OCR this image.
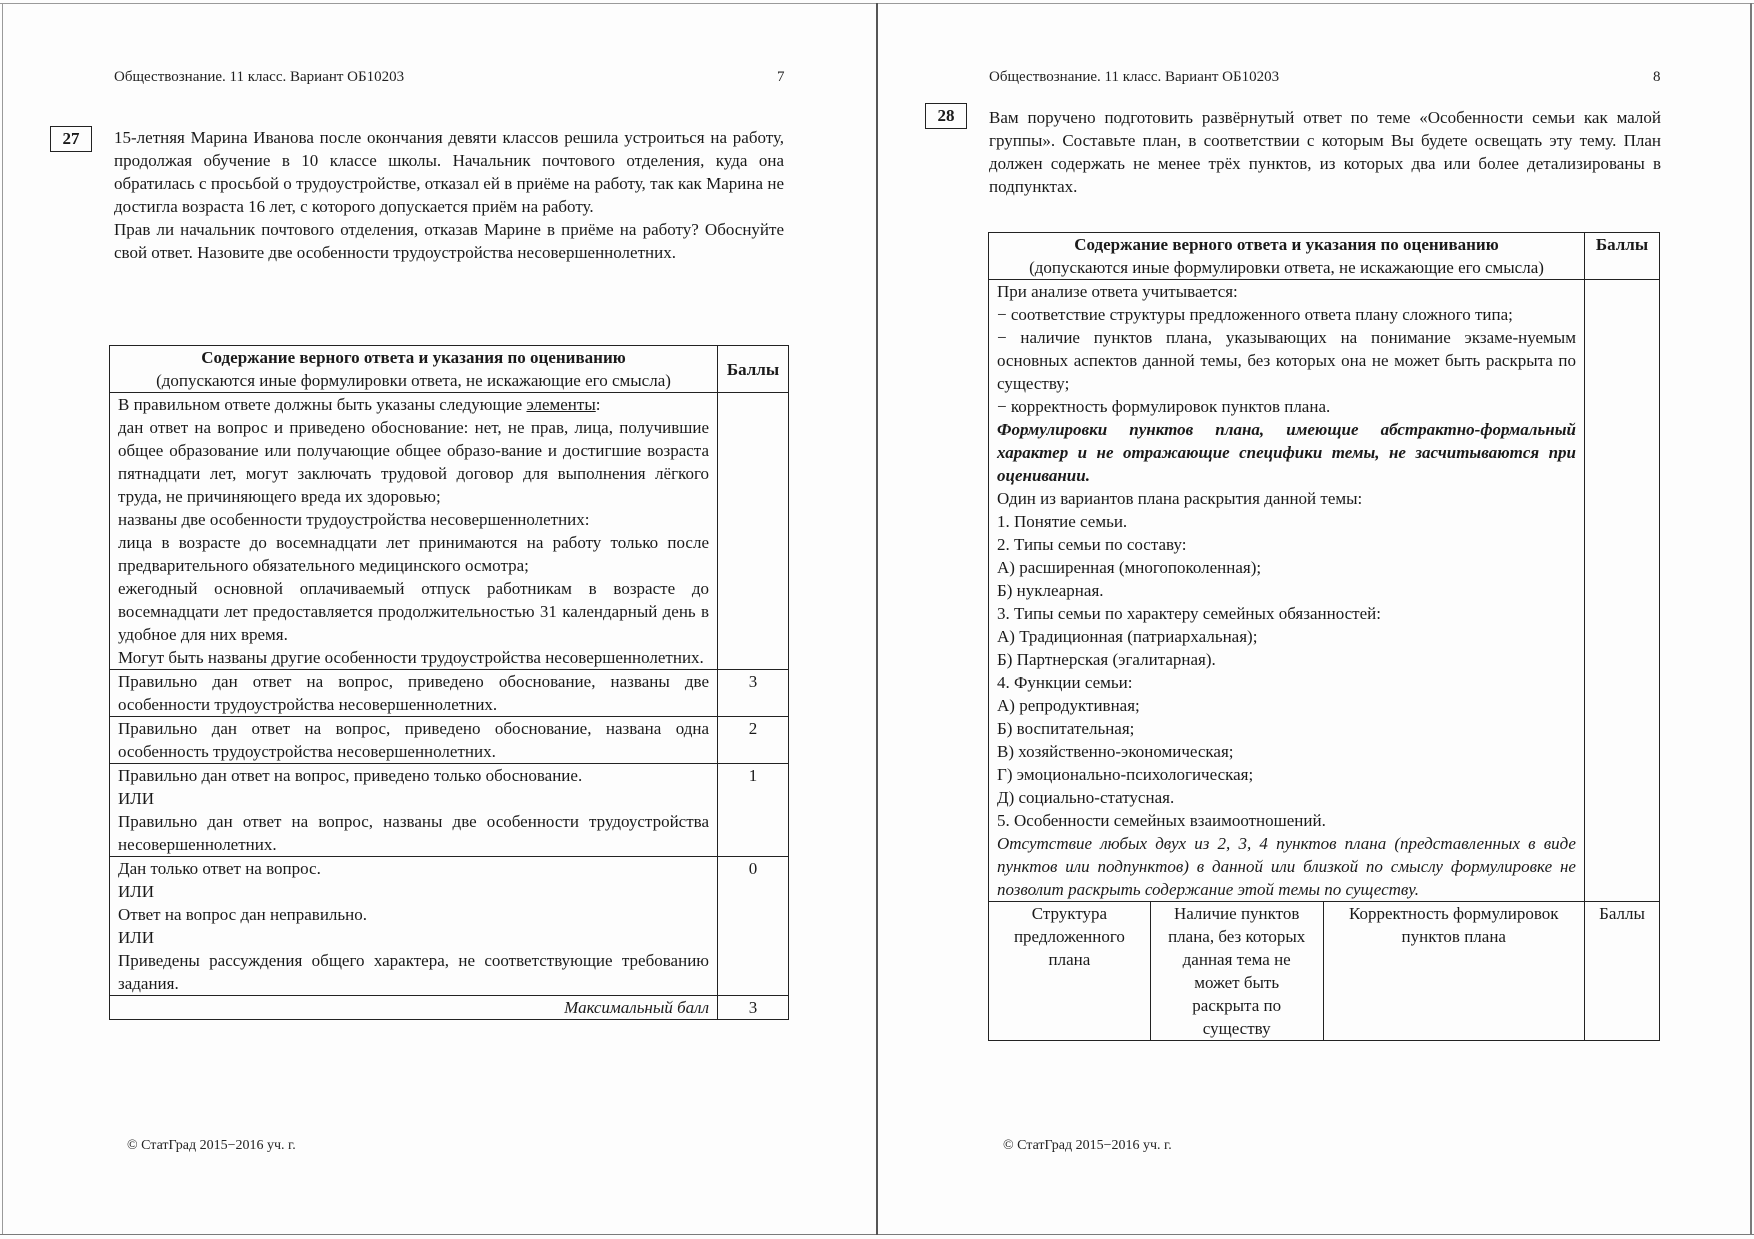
Обществознание. 11 класс. Вариант ОБ10203	7
27	15-летняя Марина Иванова после окончания девяти классов решила устроиться на работу, продолжая обучение в 10 классе школы. Начальник почтового отделения, куда она обратилась с просьбой о трудоустройстве, отказал ей в приёме на работу, так как Марина не достигла возраста 16 лет, с которого допускается приём на работу.

Прав ли начальник почтового отделения, отказав Марине в приёме на работу? Обоснуйте свой ответ. Назовите две особенности трудоустройства несовершеннолетних.

Содержание верного ответа и указания по оцениванию
(допускаются иные формулировки ответа, не искажающие его смысла)	Баллы

В правильном ответе должны быть указаны следующие элементы:

дан ответ на вопрос и приведено обоснование: нет, не прав, лица, получившие общее образование или получающие общее образо-вание и достигшие возраста пятнадцати лет, могут заключать трудовой договор для выполнения лёгкого труда, не причиняющего вреда их здоровью;

названы две особенности трудоустройства несовершеннолетних:

лица в возрасте до восемнадцати лет принимаются на работу только после предварительного обязательного медицинского осмотра;

ежегодный основной оплачиваемый отпуск работникам в возрасте до восемнадцати лет предоставляется продолжительностью 31 календарный день в удобное для них время.

Могут быть названы другие особенности трудоустройства несовершеннолетних.

Правильно дан ответ на вопрос, приведено обоснование, названы две особенности трудоустройства несовершеннолетних.	3

Правильно дан ответ на вопрос, приведено обоснование, названа одна особенность трудоустройства несовершеннолетних.	2

Правильно дан ответ на вопрос, приведено только обоснование.

ИЛИ

Правильно дан ответ на вопрос, названы две особенности трудоустройства несовершеннолетних.	1

Дан только ответ на вопрос.

ИЛИ

Ответ на вопрос дан неправильно.

ИЛИ

Приведены рассуждения общего характера, не соответствующие требованию задания.	0
Максимальный балл	3
© СтатГрад 2015−2016 уч. г.
Обществознание. 11 класс. Вариант ОБ10203	8
28	Вам поручено подготовить развёрнутый ответ по теме «Особенности семьи как малой группы». Составьте план, в соответствии с которым Вы будете освещать эту тему. План должен содержать не менее трёх пунктов, из которых два или более детализированы в подпунктах.
Содержание верного ответа и указания по оцениванию
(допускаются иные формулировки ответа, не искажающие его смысла)			Баллы

При анализе ответа учитывается:

− соответствие структуры предложенного ответа плану сложного типа;

− наличие пунктов плана, указывающих на понимание экзаме-нуемым основных аспектов данной темы, без которых она не может быть раскрыта по существу;

− корректность формулировок пунктов плана.

Формулировки пунктов плана, имеющие абстрактно-формальный характер и не отражающие специфики темы, не засчитываются при оценивании.

Один из вариантов плана раскрытия данной темы:

1. Понятие семьи.

2. Типы семьи по составу:

А) расширенная (многопоколенная);

Б) нуклеарная.

3. Типы семьи по характеру семейных обязанностей:

А) Традиционная (патриархальная);

Б) Партнерская (эгалитарная).

4. Функции семьи:

А) репродуктивная;

Б) воспитательная;

В) хозяйственно-экономическая;

Г) эмоционально-психологическая;

Д) социально-статусная.

5. Особенности семейных взаимоотношений.

Отсутствие любых двух из 2, 3, 4 пунктов плана (представленных в виде пунктов или подпунктов) в данной или близкой по смыслу формулировке не позволит раскрыть содержание этой темы по существу.

Структура предложенного плана	Наличие пунктов плана, без которых данная тема не может быть раскрыта по существу	Корректность формулировок пунктов плана	Баллы
© СтатГрад 2015−2016 уч. г.
